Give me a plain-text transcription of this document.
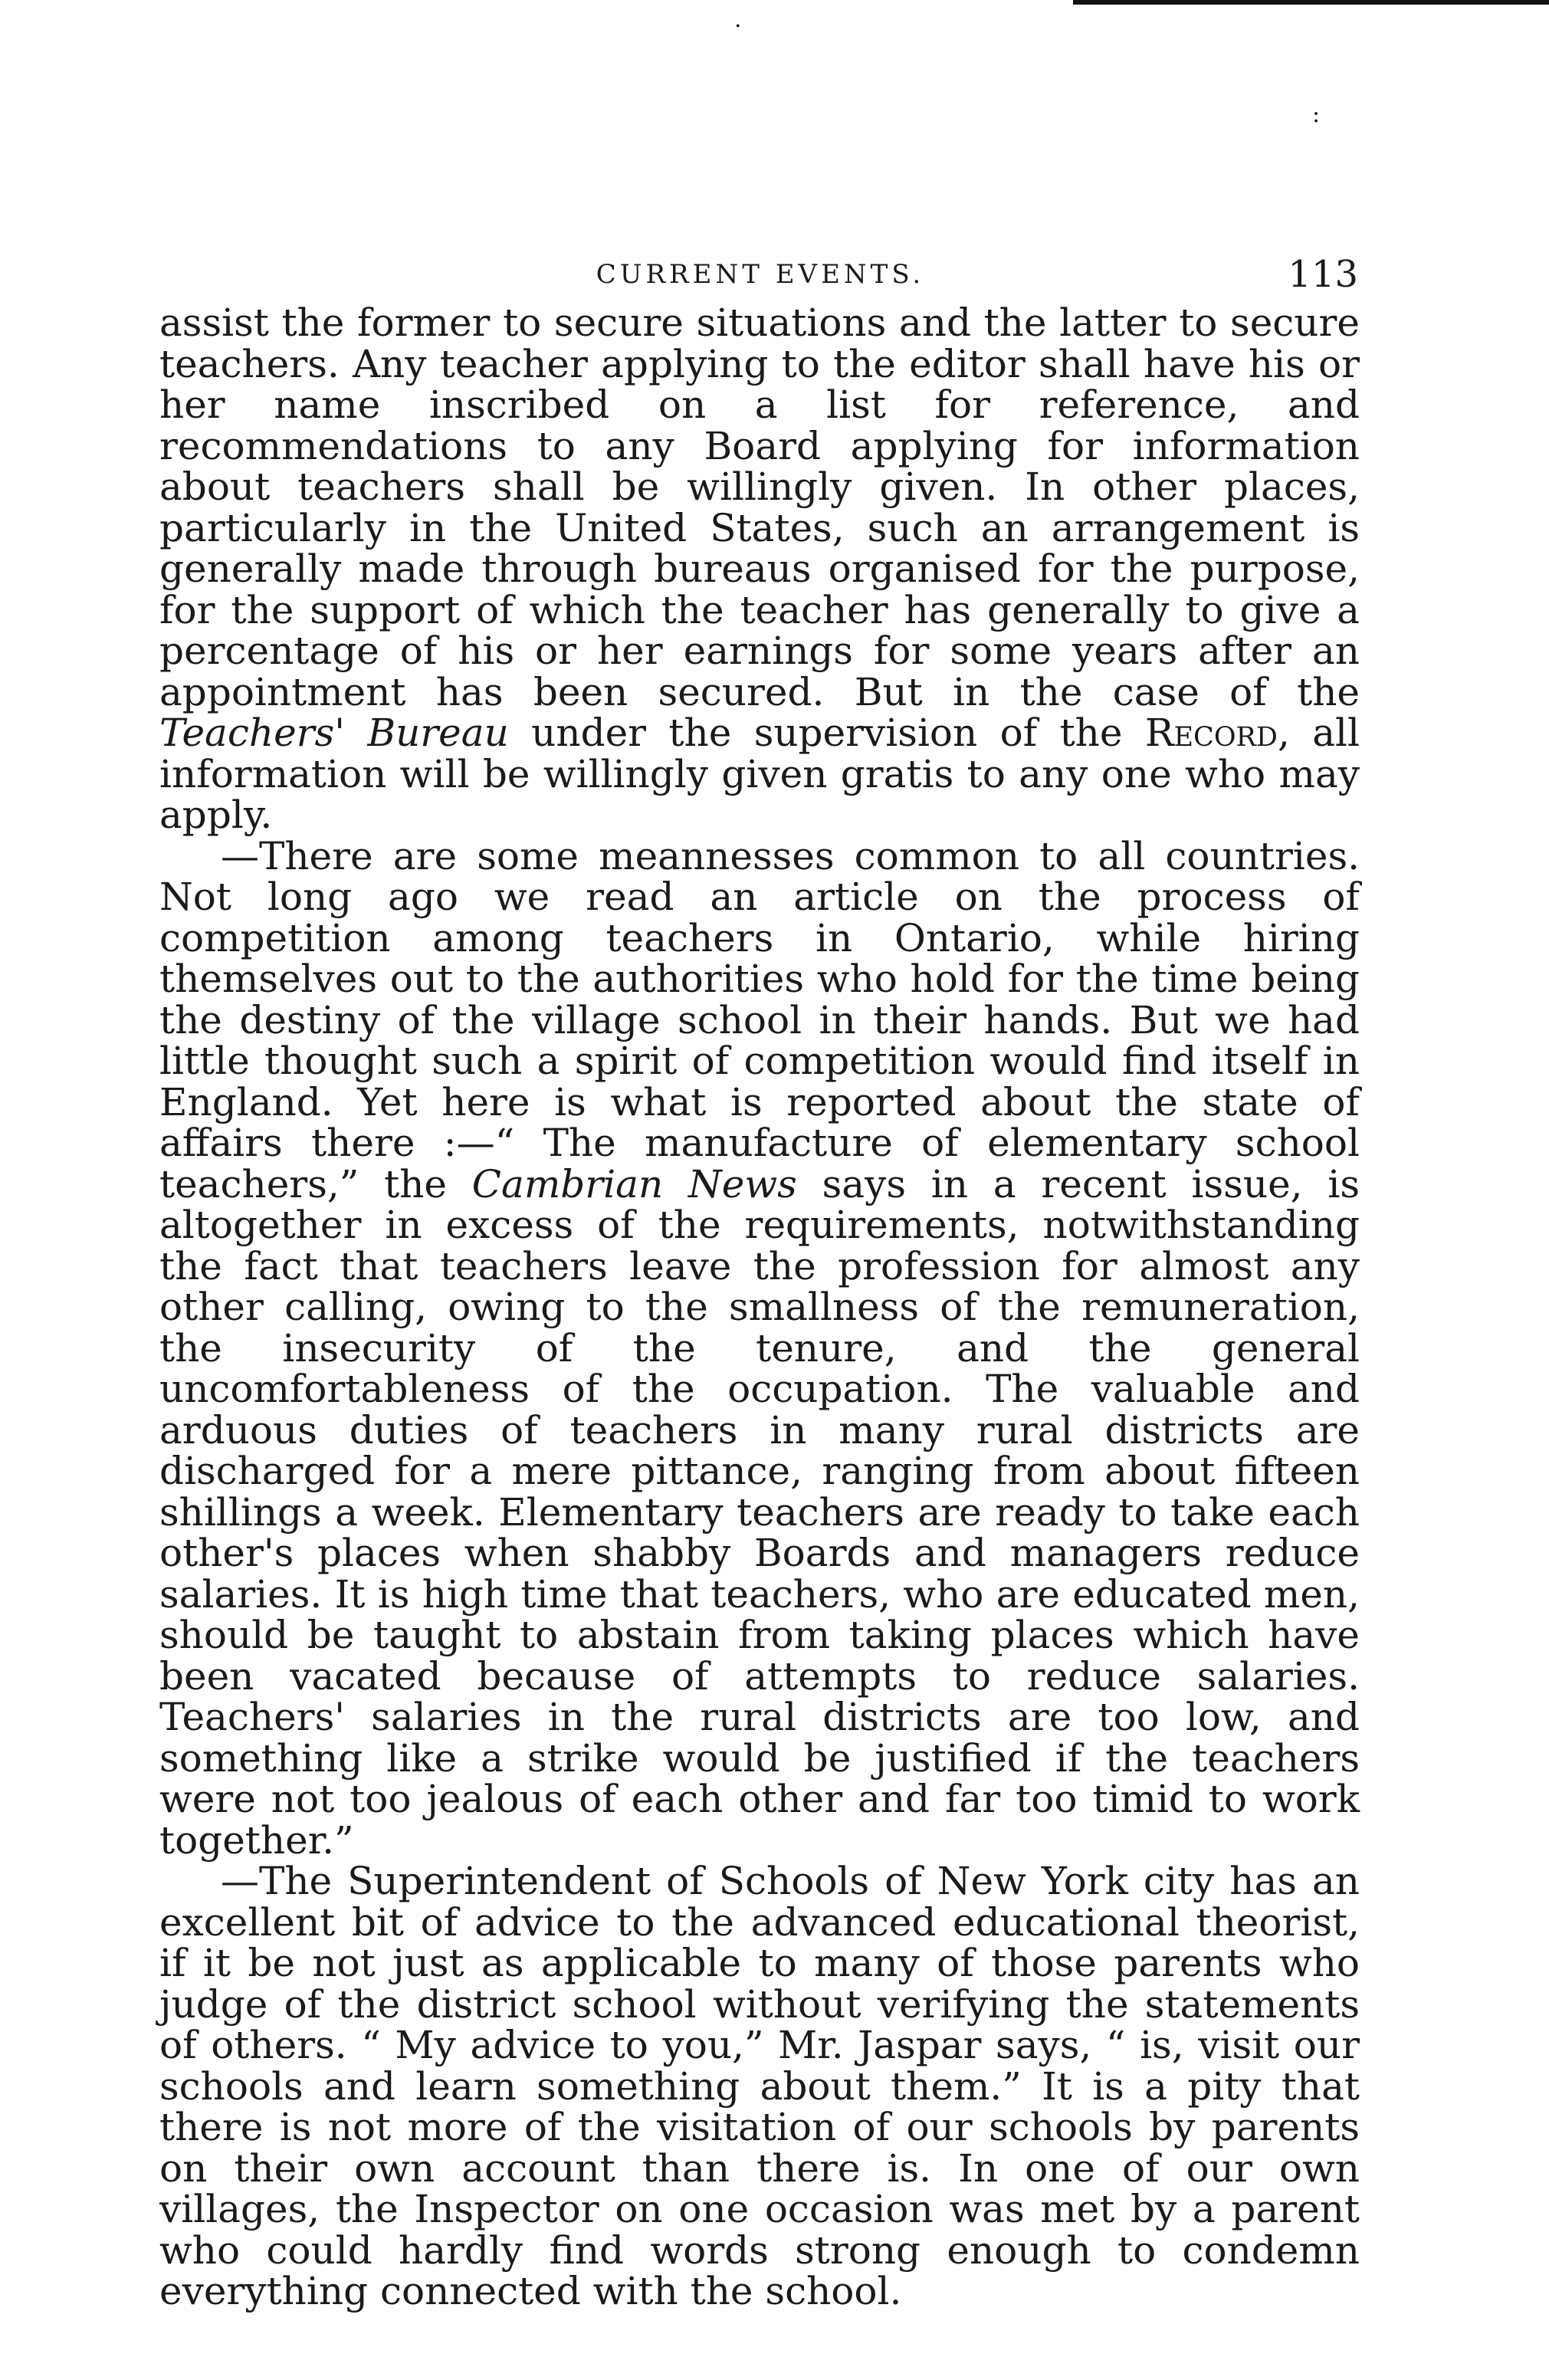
·
:
CURRENT EVENTS.	113

assist the former to secure situations and the latter to secure teachers. Any teacher applying to the editor shall have his or her name inscribed on a list for reference, and recommendations to any Board applying for information about teachers shall be willingly given. In other places, particularly in the United States, such an arrangement is generally made through bureaus organised for the purpose, for the support of which the teacher has generally to give a percentage of his or her earnings for some years after an appointment has been secured. But in the case of the Teachers' Bureau under the supervision of the Record, all information will be willingly given gratis to any one who may apply.

—There are some meannesses common to all countries. Not long ago we read an article on the process of competition among teachers in Ontario, while hiring themselves out to the authorities who hold for the time being the destiny of the village school in their hands. But we had little thought such a spirit of competition would find itself in England. Yet here is what is reported about the state of affairs there :—“ The manufacture of elementary school teachers,” the Cambrian News says in a recent issue, is altogether in excess of the requirements, notwithstanding the fact that teachers leave the profession for almost any other calling, owing to the smallness of the remuneration, the insecurity of the tenure, and the general uncomfortableness of the occupation. The valuable and arduous duties of teachers in many rural districts are discharged for a mere pittance, ranging from about fifteen shillings a week. Elementary teachers are ready to take each other's places when shabby Boards and managers reduce salaries. It is high time that teachers, who are educated men, should be taught to abstain from taking places which have been vacated because of attempts to reduce salaries. Teachers' salaries in the rural districts are too low, and something like a strike would be justified if the teachers were not too jealous of each other and far too timid to work together.”

—The Superintendent of Schools of New York city has an excellent bit of advice to the advanced educational theorist, if it be not just as applicable to many of those parents who judge of the district school without verifying the statements of others. “ My advice to you,” Mr. Jaspar says, “ is, visit our schools and learn something about them.” It is a pity that there is not more of the visitation of our schools by parents on their own account than there is. In one of our own villages, the Inspector on one occasion was met by a parent who could hardly find words strong enough to condemn everything connected with the school.
